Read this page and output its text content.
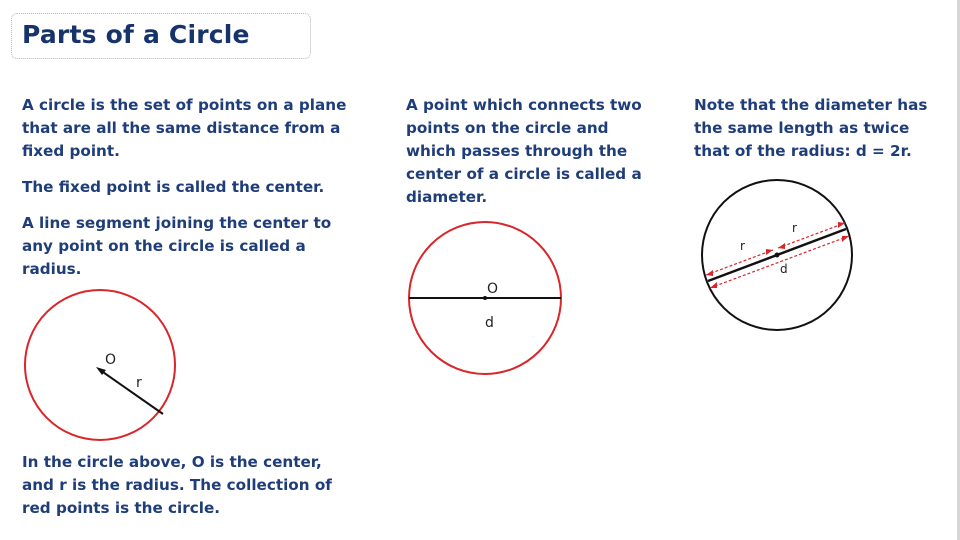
Parts of a Circle

A circle is the set of points on a plane that are all the same distance from a fixed point.

The fixed point is called the center.

A line segment joining the center to any point on the circle is called a radius.

In the circle above, O is the center, and r is the radius. The collection of red points is the circle.

A point which connects two points on the circle and which passes through the center of a circle is called a diameter.

Note that the diameter has the same length as twice that of the radius: d = 2r.

O
r
O
d
r
r
d
